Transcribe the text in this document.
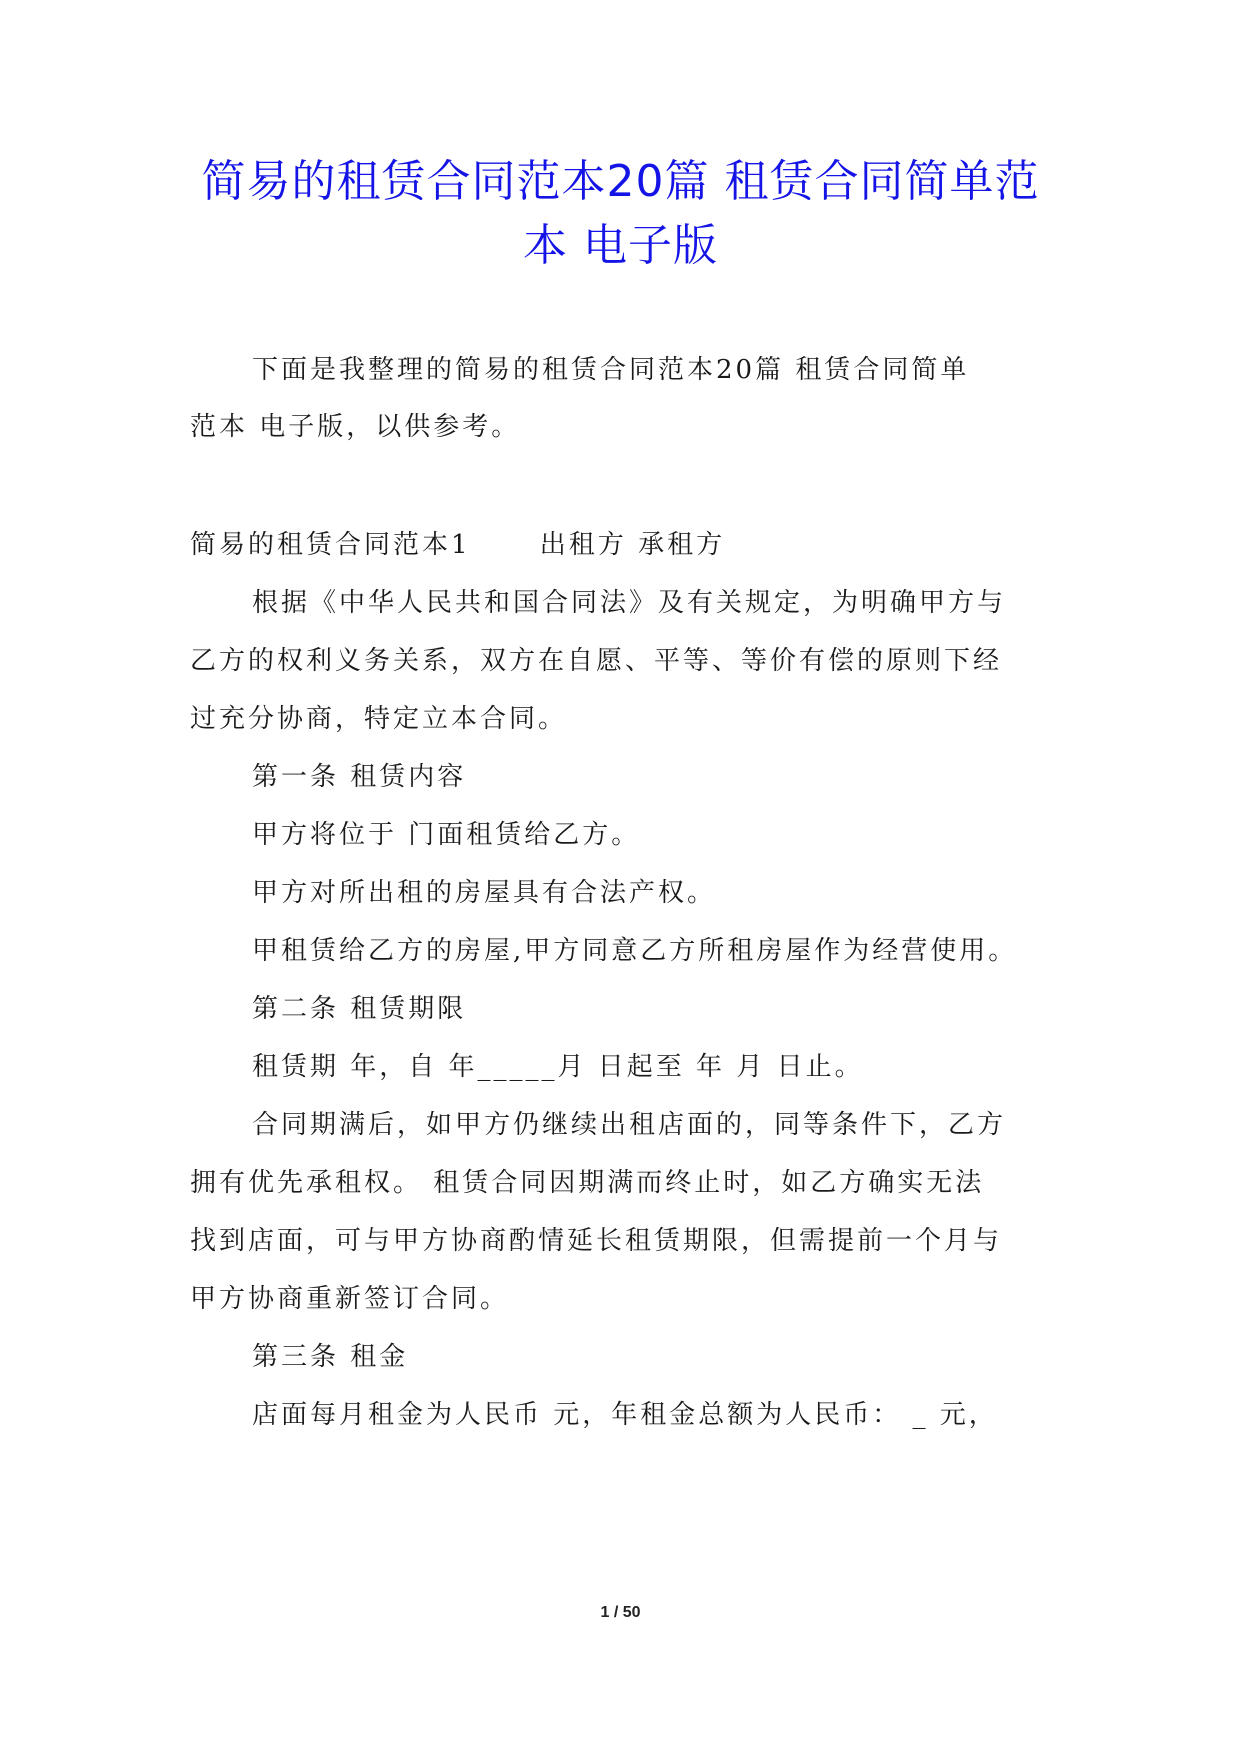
简易的租赁合同范本20篇 租赁合同简单范
本 电子版
下面是我整理的简易的租赁合同范本20篇 租赁合同简单
范本 电子版，以供参考。
简易的租赁合同范本1　　 出租方 承租方
根据《中华人民共和国合同法》及有关规定，为明确甲方与
乙方的权利义务关系，双方在自愿、平等、等价有偿的原则下经
过充分协商，特定立本合同。
第一条 租赁内容
甲方将位于 门面租赁给乙方。
甲方对所出租的房屋具有合法产权。
甲租赁给乙方的房屋,甲方同意乙方所租房屋作为经营使用。
第二条 租赁期限
租赁期 年，自 年_____月 日起至 年 月 日止。
合同期满后，如甲方仍继续出租店面的，同等条件下，乙方
拥有优先承租权。 租赁合同因期满而终止时，如乙方确实无法
找到店面，可与甲方协商酌情延长租赁期限，但需提前一个月与
甲方协商重新签订合同。
第三条 租金
店面每月租金为人民币 元，年租金总额为人民币： _ 元，
1 / 50
